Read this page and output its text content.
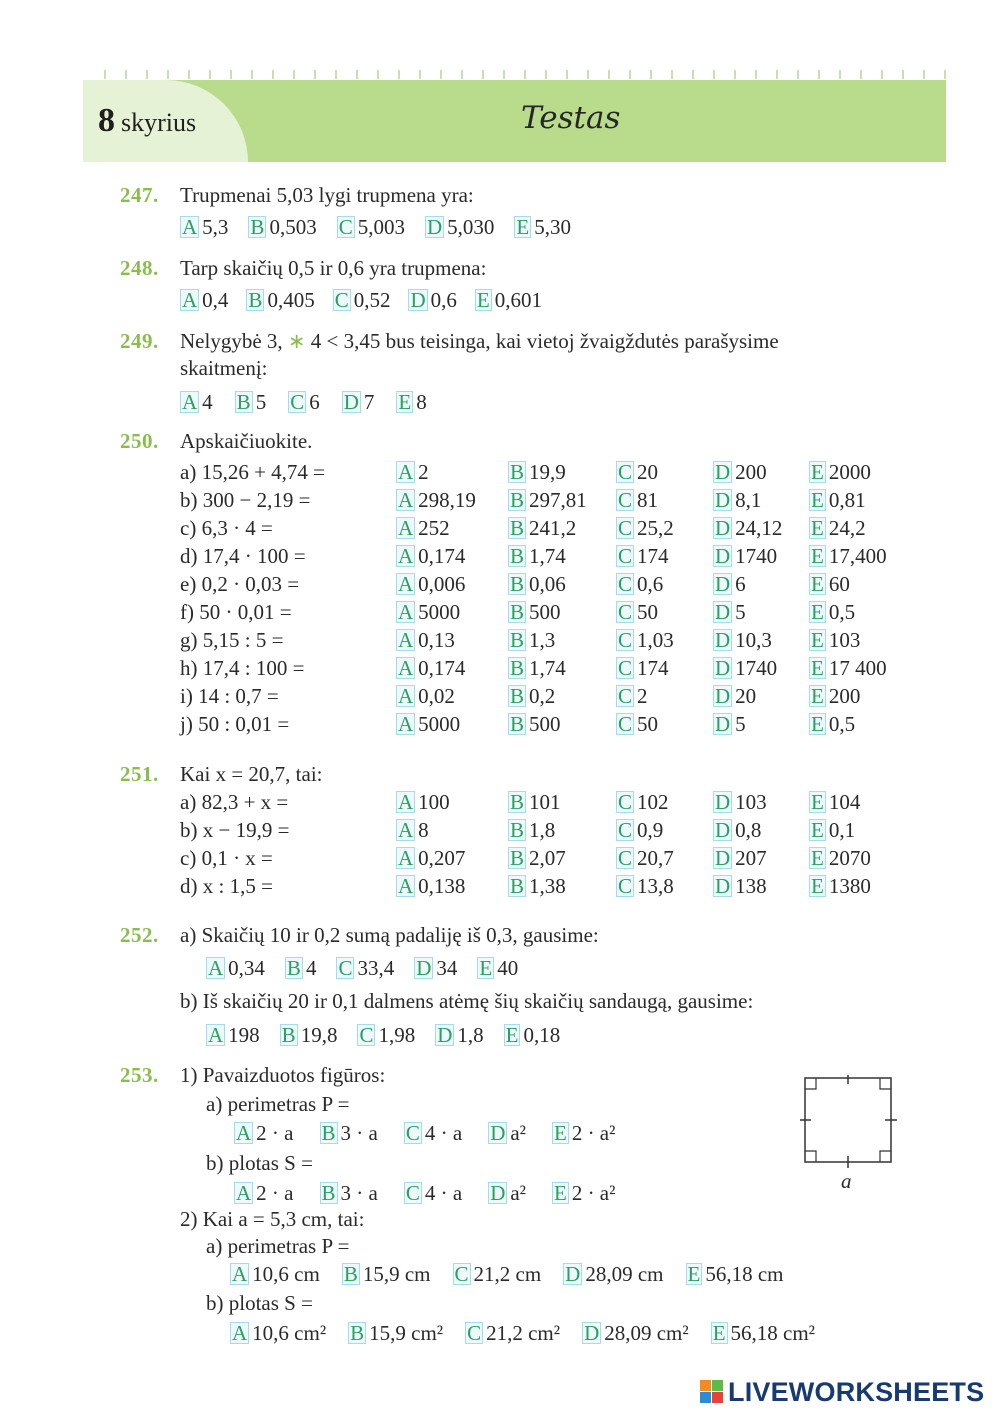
8 skyrius	Testas
247. Trupmenai 5,03 lygi trupmena yra:
A 5,3 B 0,503 C 5,003 D 5,030 E 5,30
248. Tarp skaičių 0,5 ir 0,6 yra trupmena:
A 0,4 B 0,405 C 0,52 D 0,6 E 0,601
249. Nelygybė 3, ∗ 4 < 3,45 bus teisinga, kai vietoj žvaigždutės parašysime
skaitmenį:
A 4 B 5 C 6 D 7 E 8
250. Apskaičiuokite.
a) 15,26 + 4,74 =	A 2	B 19,9 C 20	D 200 E 2000
b) 300 − 2,19 =	A 298,19 B 297,81 C 81	D 8,1 E 0,81
c) 6,3 · 4 =	A 252	B 241,2 C 25,2 D 24,12 E 24,2
d) 17,4 · 100 =	A 0,174 B 1,74 C 174 D 1740 E 17,400
e) 0,2 · 0,03 =	A 0,006 B 0,06 C 0,6 D 6	E 60
f) 50 · 0,01 =	A 5000 B 500	C 50	D 5	E 0,5
g) 5,15 : 5 =	A 0,13	B 1,3	C 1,03 D 10,3 E 103
h) 17,4 : 100 =	A 0,174 B 1,74 C 174 D 1740 E 17 400
i) 14 : 0,7 =	A 0,02	B 0,2	C 2	D 20	E 200
j) 50 : 0,01 =	A 5000 B 500	C 50	D 5	E 0,5
251. Kai x = 20,7, tai:
a) 82,3 + x =	A 100	B 101	C 102 D 103 E 104
b) x − 19,9 =	A 8	B 1,8	C 0,9 D 0,8 E 0,1
c) 0,1 · x =	A 0,207 B 2,07 C 20,7 D 207 E 2070
d) x : 1,5 =	A 0,138 B 1,38 C 13,8 D 138 E 1380
252. a) Skaičių 10 ir 0,2 sumą padaliję iš 0,3, gausime:
A 0,34 B 4 C 33,4 D 34 E 40
b) Iš skaičių 20 ir 0,1 dalmens atėmę šių skaičių sandaugą, gausime:
A 198 B 19,8 C 1,98 D 1,8 E 0,18
253. 1) Pavaizduotos figūros:
a) perimetras P =
A 2 · a B 3 · a C 4 · a D a² E 2 · a²
b) plotas S =
A 2 · a B 3 · a C 4 · a D a² E 2 · a²
2) Kai a = 5,3 cm, tai:
a) perimetras P =
A 10,6 cm B 15,9 cm C 21,2 cm D 28,09 cm E 56,18 cm
b) plotas S =
A 10,6 cm² B 15,9 cm² C 21,2 cm² D 28,09 cm² E 56,18 cm²
a
LIVEWORKSHEETS
